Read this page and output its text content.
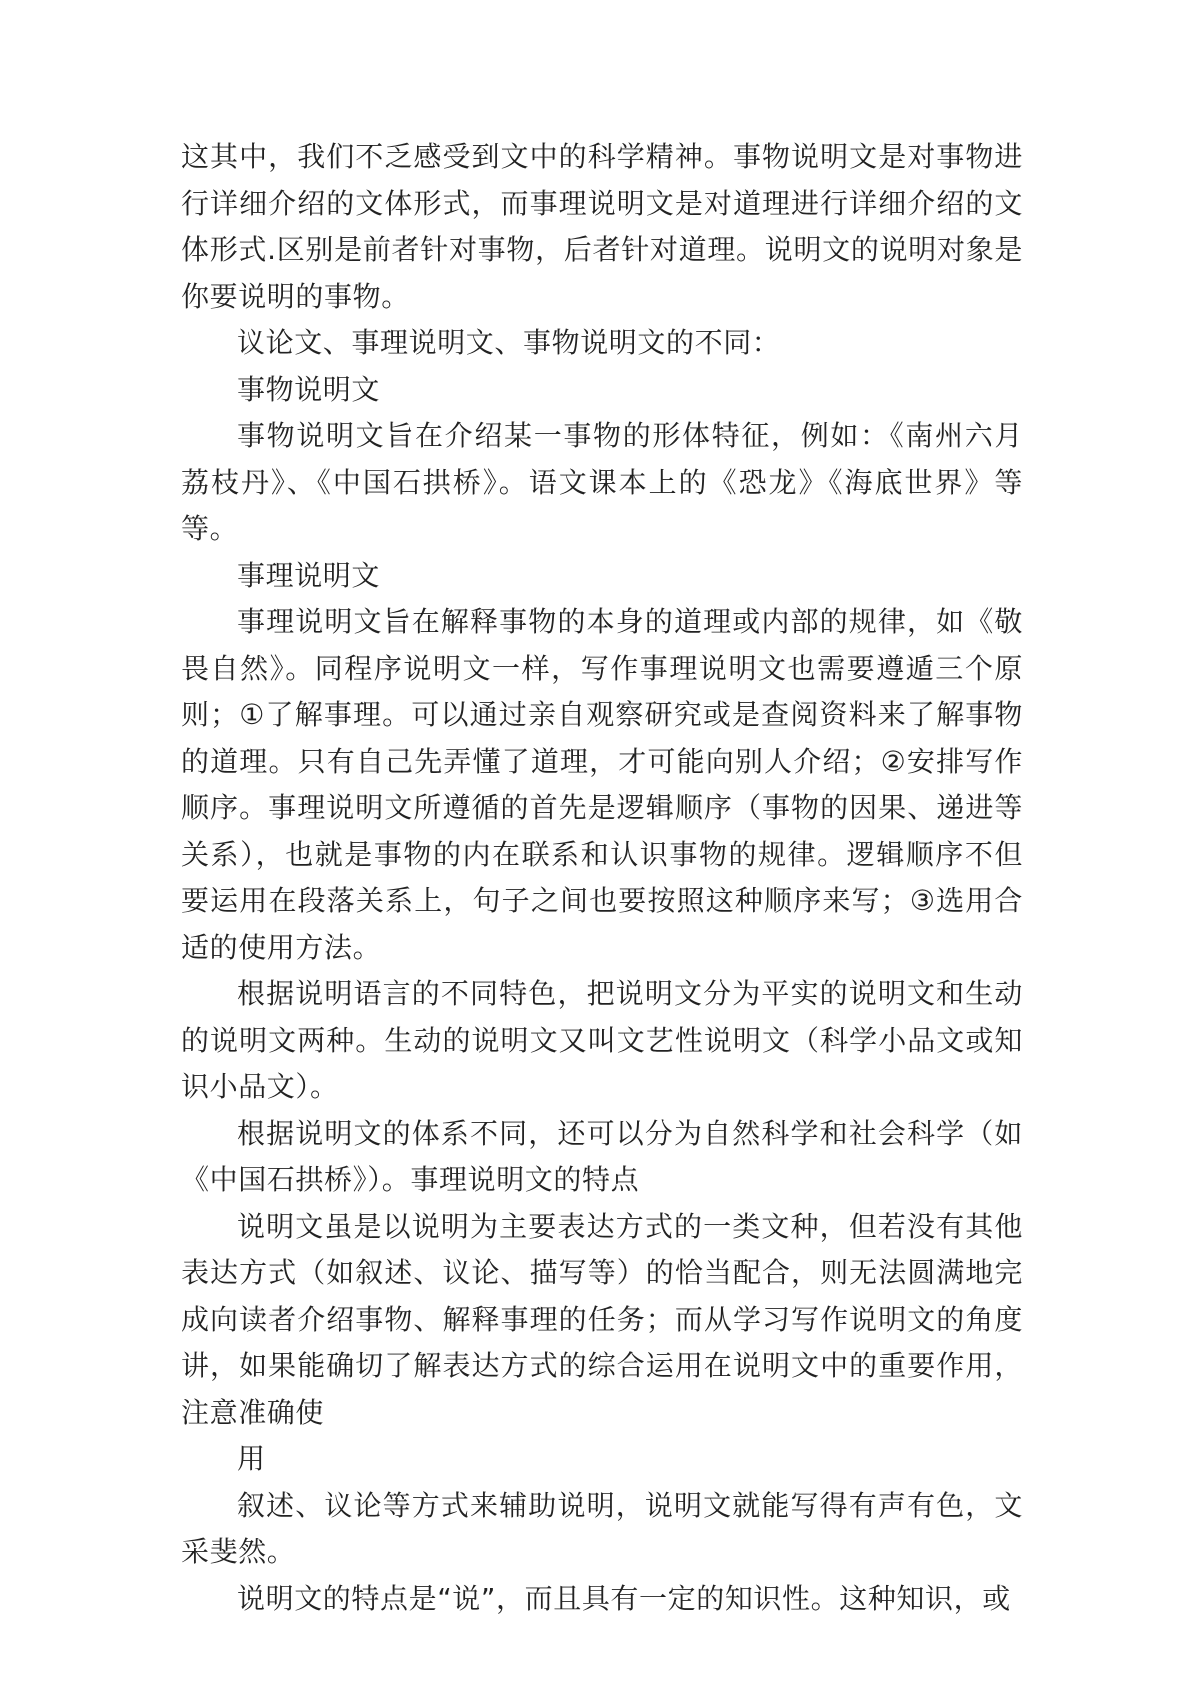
这其中，我们不乏感受到文中的科学精神。事物说明文是对事物进行详细介绍的文体形式，而事理说明文是对道理进行详细介绍的文体形式.区别是前者针对事物，后者针对道理。说明文的说明对象是你要说明的事物。

议论文、事理说明文、事物说明文的不同：

事物说明文

事物说明文旨在介绍某一事物的形体特征，例如：《南州六月荔枝丹》、《中国石拱桥》。语文课本上的《恐龙》《海底世界》等等。

事理说明文

事理说明文旨在解释事物的本身的道理或内部的规律，如《敬畏自然》。同程序说明文一样，写作事理说明文也需要遵遁三个原则；①了解事理。可以通过亲自观察研究或是查阅资料来了解事物的道理。只有自己先弄懂了道理，才可能向别人介绍；②安排写作顺序。事理说明文所遵循的首先是逻辑顺序（事物的因果、递进等关系），也就是事物的内在联系和认识事物的规律。逻辑顺序不但要运用在段落关系上，句子之间也要按照这种顺序来写；③选用合适的使用方法。

根据说明语言的不同特色，把说明文分为平实的说明文和生动的说明文两种。生动的说明文又叫文艺性说明文（科学小品文或知识小品文）。

根据说明文的体系不同，还可以分为自然科学和社会科学（如《中国石拱桥》）。事理说明文的特点

说明文虽是以说明为主要表达方式的一类文种，但若没有其他表达方式（如叙述、议论、描写等）的恰当配合，则无法圆满地完成向读者介绍事物、解释事理的任务；而从学习写作说明文的角度讲，如果能确切了解表达方式的综合运用在说明文中的重要作用，注意准确使

用

叙述、议论等方式来辅助说明，说明文就能写得有声有色，文采斐然。

说明文的特点是“说”，而且具有一定的知识性。这种知识，或
